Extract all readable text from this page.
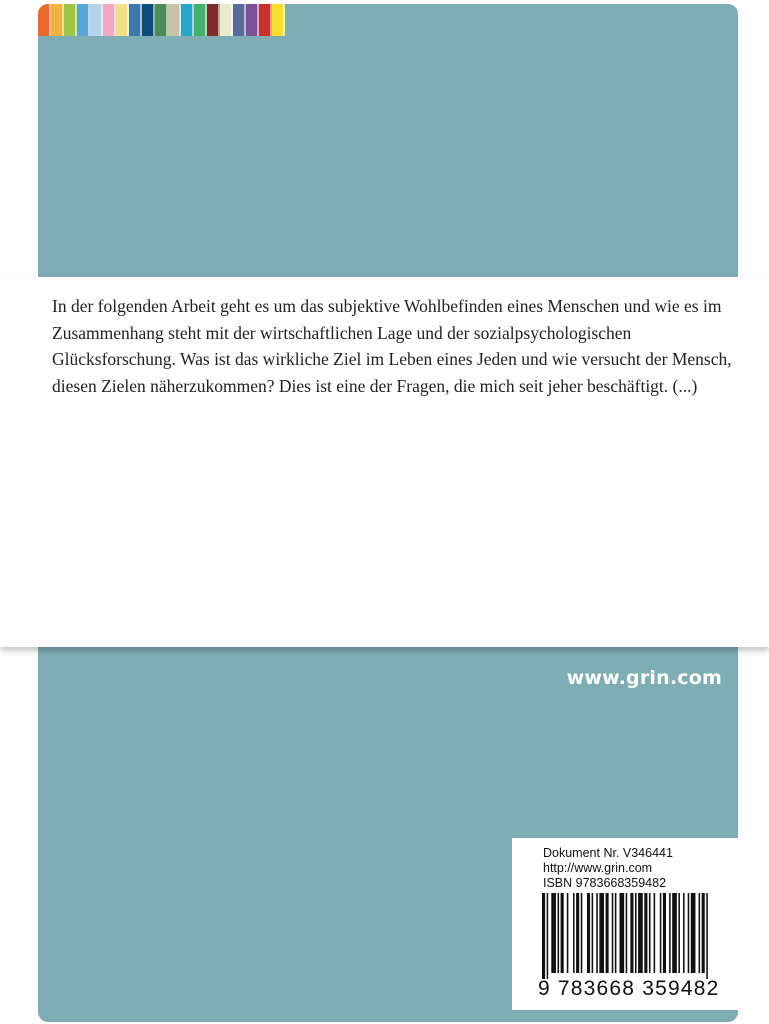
In der folgenden Arbeit geht es um das subjektive Wohlbefinden eines Menschen und wie es im Zusammenhang steht mit der wirtschaftlichen Lage und der sozialpsychologischen Glücksforschung. Was ist das wirkliche Ziel im Leben eines Jeden und wie versucht der Mensch, diesen Zielen näherzukommen? Dies ist eine der Fragen, die mich seit jeher beschäftigt. (...)

www.grin.com
Dokument Nr. V346441
http://www.grin.com
ISBN 9783668359482
9 783668 359482
